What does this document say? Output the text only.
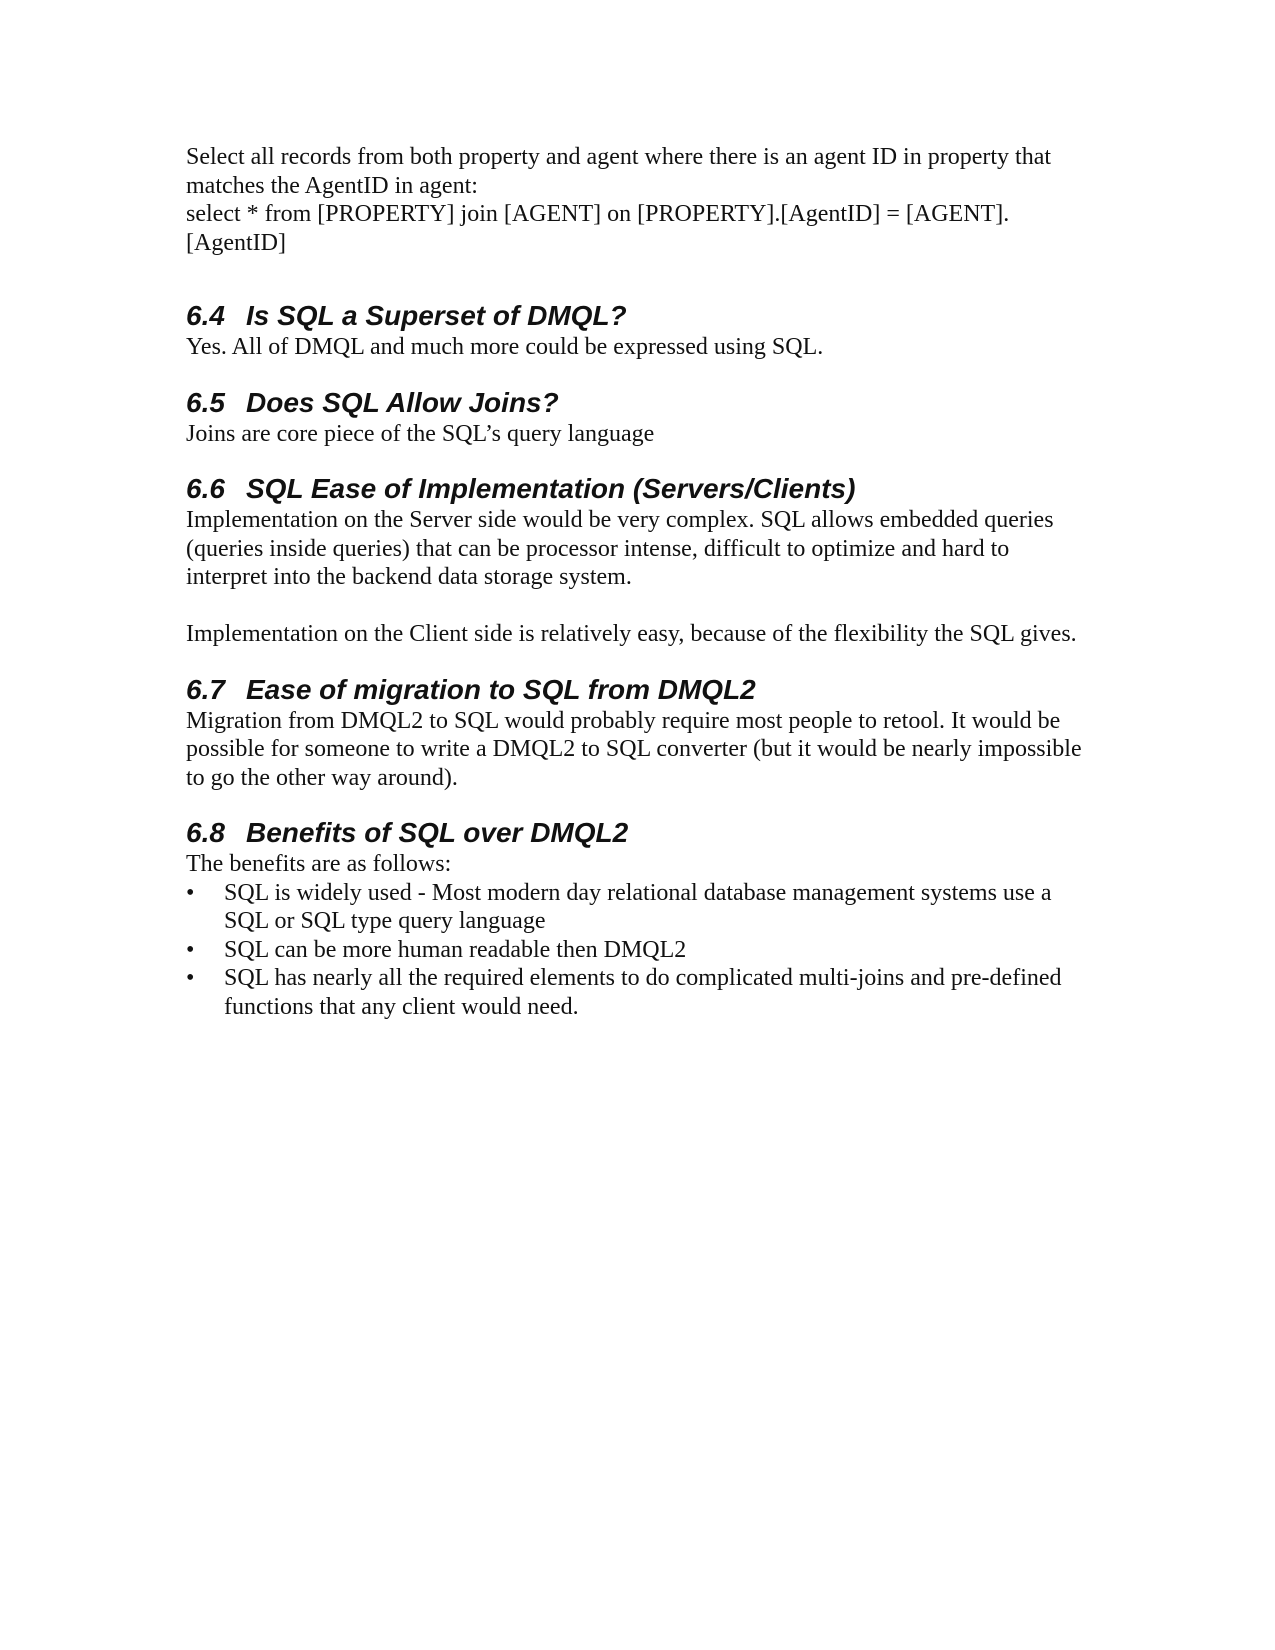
Select all records from both property and agent where there is an agent ID in property that matches the AgentID in agent:

select * from [PROPERTY] join [AGENT] on [PROPERTY].[AgentID] = [AGENT].[AgentID]

6.4 Is SQL a Superset of DMQL?

Yes. All of DMQL and much more could be expressed using SQL.

6.5 Does SQL Allow Joins?

Joins are core piece of the SQL’s query language

6.6 SQL Ease of Implementation (Servers/Clients)

Implementation on the Server side would be very complex. SQL allows embedded queries (queries inside queries) that can be processor intense, difficult to optimize and hard to interpret into the backend data storage system.

Implementation on the Client side is relatively easy, because of the flexibility the SQL gives.

6.7 Ease of migration to SQL from DMQL2

Migration from DMQL2 to SQL would probably require most people to retool. It would be possible for someone to write a DMQL2 to SQL converter (but it would be nearly impossible to go the other way around).

6.8 Benefits of SQL over DMQL2

The benefits are as follows:

• SQL is widely used - Most modern day relational database management systems use a SQL or SQL type query language
• SQL can be more human readable then DMQL2
• SQL has nearly all the required elements to do complicated multi-joins and pre-defined functions that any client would need.
